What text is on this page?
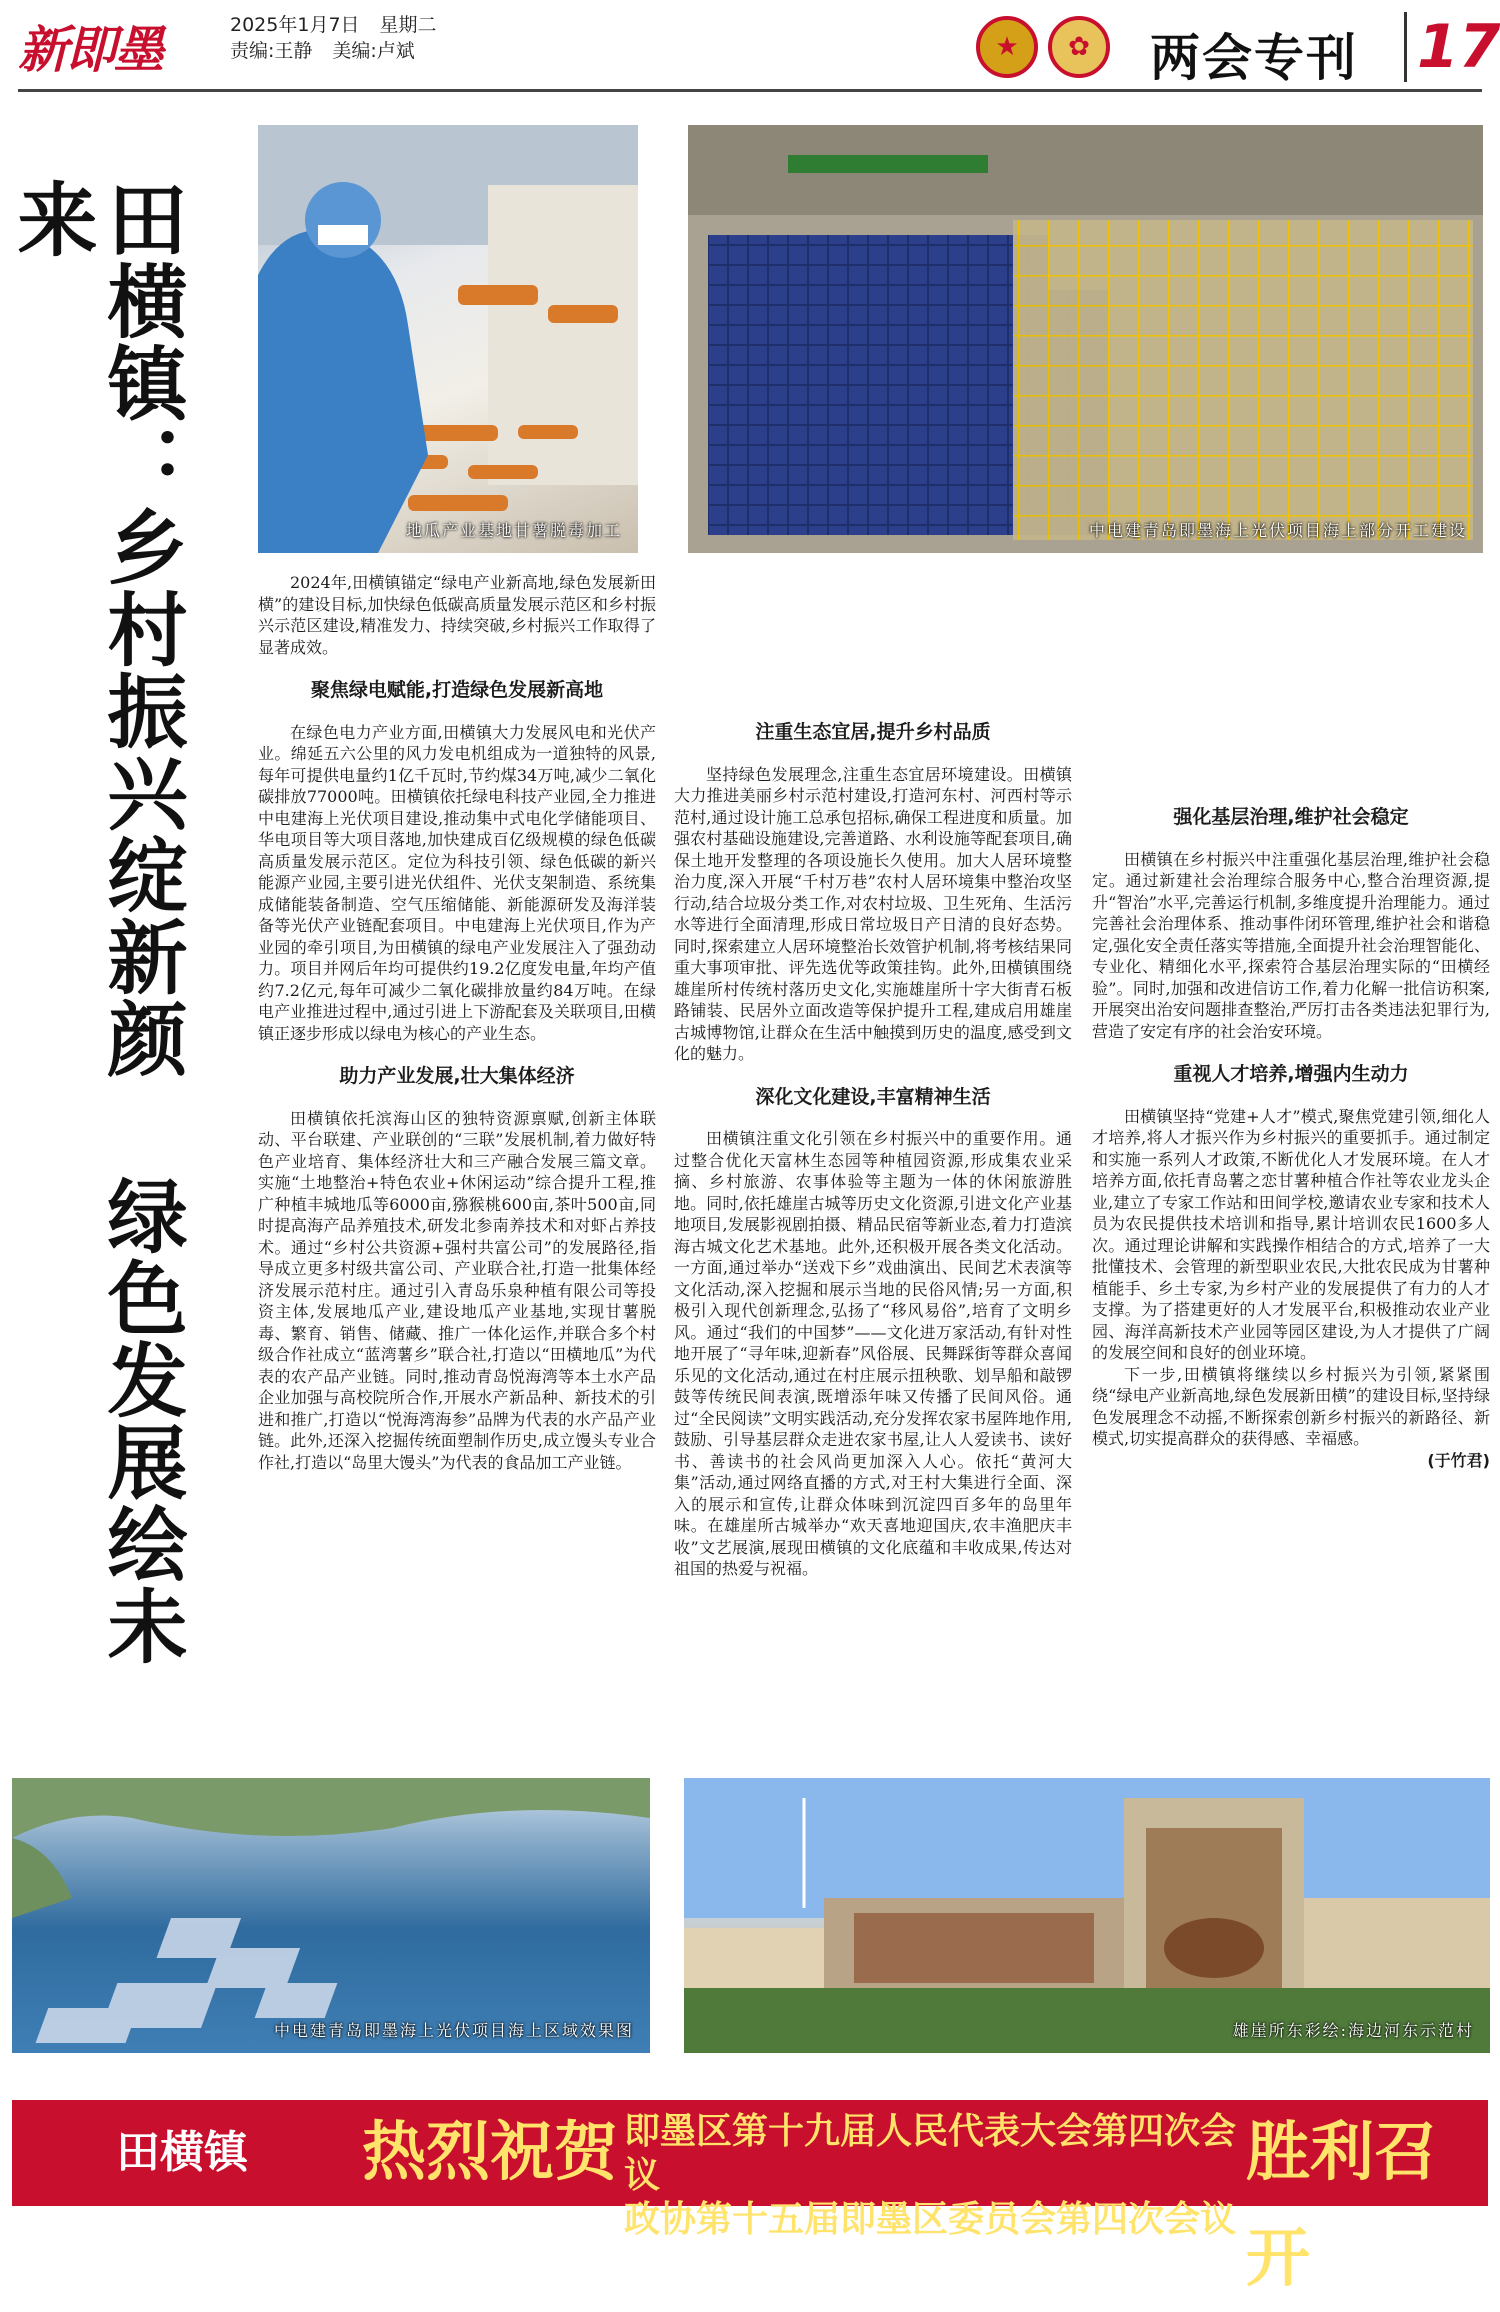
新即墨	2025年1月7日 星期二
责编:王静 美编:卢斌	★	✿	两会专刊 17
田横镇：乡村振兴绽新颜 绿色发展绘未来
地瓜产业基地甘薯脱毒加工	中电建青岛即墨海上光伏项目海上部分开工建设

2024年,田横镇锚定“绿电产业新高地,绿色发展新田横”的建设目标,加快绿色低碳高质量发展示范区和乡村振兴示范区建设,精准发力、持续突破,乡村振兴工作取得了显著成效。

聚焦绿电赋能,打造绿色发展新高地

在绿色电力产业方面,田横镇大力发展风电和光伏产业。绵延五六公里的风力发电机组成为一道独特的风景,每年可提供电量约1亿千瓦时,节约煤34万吨,减少二氧化碳排放77000吨。田横镇依托绿电科技产业园,全力推进中电建海上光伏项目建设,推动集中式电化学储能项目、华电项目等大项目落地,加快建成百亿级规模的绿色低碳高质量发展示范区。定位为科技引领、绿色低碳的新兴能源产业园,主要引进光伏组件、光伏支架制造、系统集成储能装备制造、空气压缩储能、新能源研发及海洋装备等光伏产业链配套项目。中电建海上光伏项目,作为产业园的牵引项目,为田横镇的绿电产业发展注入了强劲动力。项目并网后年均可提供约19.2亿度发电量,年均产值约7.2亿元,每年可减少二氧化碳排放量约84万吨。在绿电产业推进过程中,通过引进上下游配套及关联项目,田横镇正逐步形成以绿电为核心的产业生态。

助力产业发展,壮大集体经济

田横镇依托滨海山区的独特资源禀赋,创新主体联动、平台联建、产业联创的“三联”发展机制,着力做好特色产业培育、集体经济壮大和三产融合发展三篇文章。实施“土地整治+特色农业+休闲运动”综合提升工程,推广种植丰城地瓜等6000亩,猕猴桃600亩,茶叶500亩,同时提高海产品养殖技术,研发北参南养技术和对虾占养技术。通过“乡村公共资源+强村共富公司”的发展路径,指导成立更多村级共富公司、产业联合社,打造一批集体经济发展示范村庄。通过引入青岛乐泉种植有限公司等投资主体,发展地瓜产业,建设地瓜产业基地,实现甘薯脱毒、繁育、销售、储藏、推广一体化运作,并联合多个村级合作社成立“蓝湾薯乡”联合社,打造以“田横地瓜”为代表的农产品产业链。同时,推动青岛悦海湾等本土水产品企业加强与高校院所合作,开展水产新品种、新技术的引进和推广,打造以“悦海湾海参”品牌为代表的水产品产业链。此外,还深入挖掘传统面塑制作历史,成立馒头专业合作社,打造以“岛里大馒头”为代表的食品加工产业链。

注重生态宜居,提升乡村品质

坚持绿色发展理念,注重生态宜居环境建设。田横镇大力推进美丽乡村示范村建设,打造河东村、河西村等示范村,通过设计施工总承包招标,确保工程进度和质量。加强农村基础设施建设,完善道路、水利设施等配套项目,确保土地开发整理的各项设施长久使用。加大人居环境整治力度,深入开展“千村万巷”农村人居环境集中整治攻坚行动,结合垃圾分类工作,对农村垃圾、卫生死角、生活污水等进行全面清理,形成日常垃圾日产日清的良好态势。同时,探索建立人居环境整治长效管护机制,将考核结果同重大事项审批、评先选优等政策挂钩。此外,田横镇围绕雄崖所村传统村落历史文化,实施雄崖所十字大街青石板路铺装、民居外立面改造等保护提升工程,建成启用雄崖古城博物馆,让群众在生活中触摸到历史的温度,感受到文化的魅力。

深化文化建设,丰富精神生活

田横镇注重文化引领在乡村振兴中的重要作用。通过整合优化天富林生态园等种植园资源,形成集农业采摘、乡村旅游、农事体验等主题为一体的休闲旅游胜地。同时,依托雄崖古城等历史文化资源,引进文化产业基地项目,发展影视剧拍摄、精品民宿等新业态,着力打造滨海古城文化艺术基地。此外,还积极开展各类文化活动。一方面,通过举办“送戏下乡”戏曲演出、民间艺术表演等文化活动,深入挖掘和展示当地的民俗风情;另一方面,积极引入现代创新理念,弘扬了“移风易俗”,培育了文明乡风。通过“我们的中国梦”——文化进万家活动,有针对性地开展了“寻年味,迎新春”风俗展、民舞踩街等群众喜闻乐见的文化活动,通过在村庄展示扭秧歌、划旱船和敲锣鼓等传统民间表演,既增添年味又传播了民间风俗。通过“全民阅读”文明实践活动,充分发挥农家书屋阵地作用,鼓励、引导基层群众走进农家书屋,让人人爱读书、读好书、善读书的社会风尚更加深入人心。依托“黄河大集”活动,通过网络直播的方式,对王村大集进行全面、深入的展示和宣传,让群众体味到沉淀四百多年的岛里年味。在雄崖所古城举办“欢天喜地迎国庆,农丰渔肥庆丰收”文艺展演,展现田横镇的文化底蕴和丰收成果,传达对祖国的热爱与祝福。

强化基层治理,维护社会稳定

田横镇在乡村振兴中注重强化基层治理,维护社会稳定。通过新建社会治理综合服务中心,整合治理资源,提升“智治”水平,完善运行机制,多维度提升治理能力。通过完善社会治理体系、推动事件闭环管理,维护社会和谐稳定,强化安全责任落实等措施,全面提升社会治理智能化、专业化、精细化水平,探索符合基层治理实际的“田横经验”。同时,加强和改进信访工作,着力化解一批信访积案,开展突出治安问题排查整治,严厉打击各类违法犯罪行为,营造了安定有序的社会治安环境。

重视人才培养,增强内生动力

田横镇坚持“党建+人才”模式,聚焦党建引领,细化人才培养,将人才振兴作为乡村振兴的重要抓手。通过制定和实施一系列人才政策,不断优化人才发展环境。在人才培养方面,依托青岛薯之恋甘薯种植合作社等农业龙头企业,建立了专家工作站和田间学校,邀请农业专家和技术人员为农民提供技术培训和指导,累计培训农民1600多人次。通过理论讲解和实践操作相结合的方式,培养了一大批懂技术、会管理的新型职业农民,大批农民成为甘薯种植能手、乡土专家,为乡村产业的发展提供了有力的人才支撑。为了搭建更好的人才发展平台,积极推动农业产业园、海洋高新技术产业园等园区建设,为人才提供了广阔的发展空间和良好的创业环境。

下一步,田横镇将继续以乡村振兴为引领,紧紧围绕“绿电产业新高地,绿色发展新田横”的建设目标,坚持绿色发展理念不动摇,不断探索创新乡村振兴的新路径、新模式,切实提高群众的获得感、幸福感。

(于竹君)
中电建青岛即墨海上光伏项目海上区域效果图	雄崖所东彩绘:海边河东示范村
田横镇	热烈祝贺 即墨区第十九届人民代表大会第四次会议
政协第十五届即墨区委员会第四次会议
胜利召开
